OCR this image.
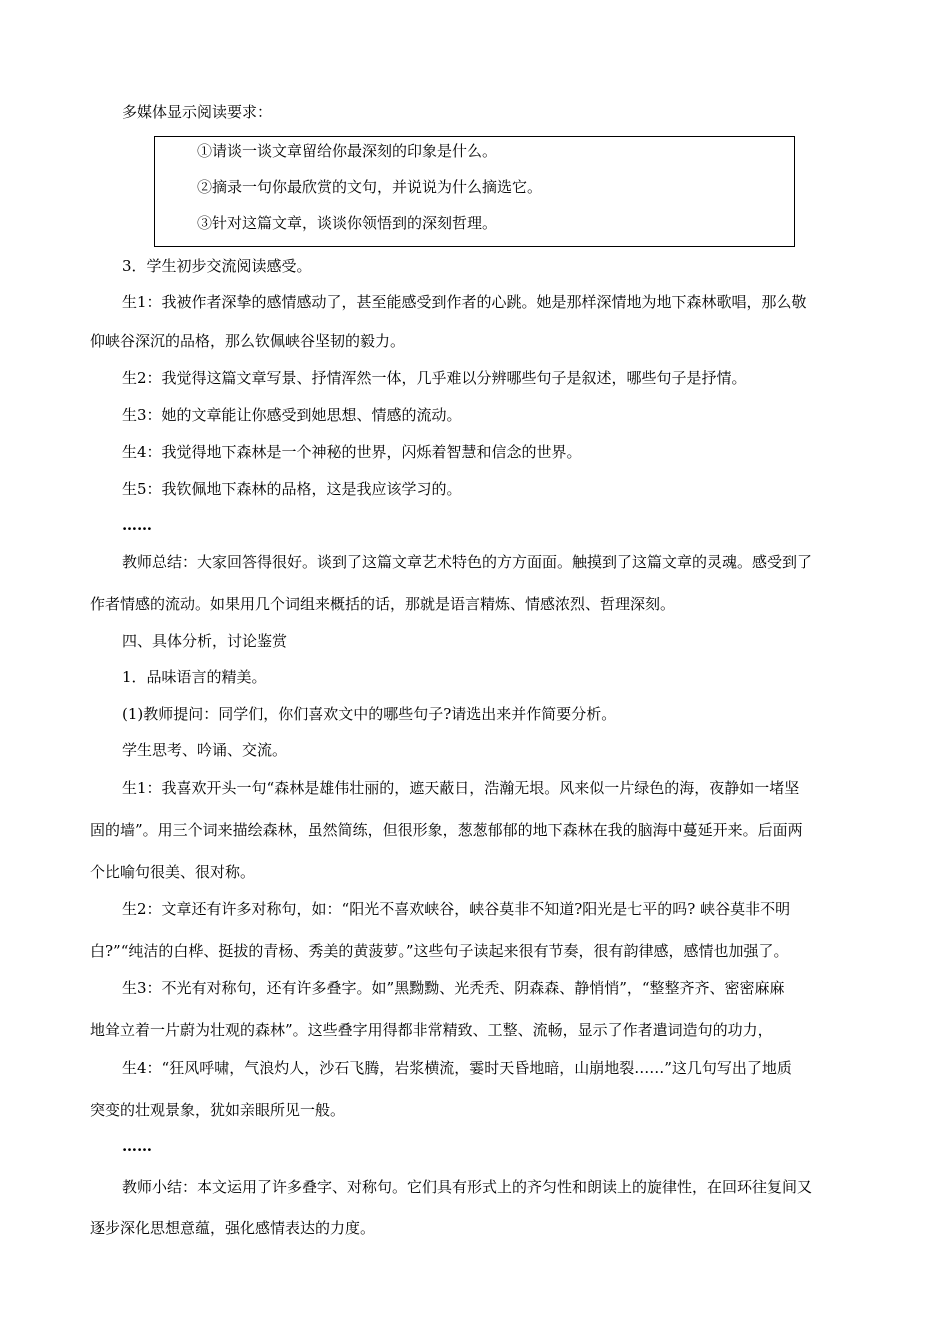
多媒体显示阅读要求：
①请谈一谈文章留给你最深刻的印象是什么。
②摘录一句你最欣赏的文句，并说说为什么摘选它。
③针对这篇文章，谈谈你领悟到的深刻哲理。
3．学生初步交流阅读感受。
生1：我被作者深挚的感情感动了，甚至能感受到作者的心跳。她是那样深情地为地下森林歌唱，那么敬
仰峡谷深沉的品格，那么钦佩峡谷坚韧的毅力。
生2：我觉得这篇文章写景、抒情浑然一体，几乎难以分辨哪些句子是叙述，哪些句子是抒情。
生3：她的文章能让你感受到她思想、情感的流动。
生4：我觉得地下森林是一个神秘的世界，闪烁着智慧和信念的世界。
生5：我钦佩地下森林的品格，这是我应该学习的。
……
教师总结：大家回答得很好。谈到了这篇文章艺术特色的方方面面。触摸到了这篇文章的灵魂。感受到了
作者情感的流动。如果用几个词组来概括的话，那就是语言精炼、情感浓烈、哲理深刻。
四、具体分析，讨论鉴赏
1．品味语言的精美。
(1)教师提问：同学们，你们喜欢文中的哪些句子?请选出来并作简要分析。
学生思考、吟诵、交流。
生1：我喜欢开头一句“森林是雄伟壮丽的，遮天蔽日，浩瀚无垠。风来似一片绿色的海，夜静如一堵坚
固的墙”。用三个词来描绘森林，虽然简练，但很形象，葱葱郁郁的地下森林在我的脑海中蔓延开来。后面两
个比喻句很美、很对称。
生2：文章还有许多对称句，如：“阳光不喜欢峡谷，峡谷莫非不知道?阳光是七平的吗? 峡谷莫非不明
白?”“纯洁的白桦、挺拔的青杨、秀美的黄菠萝。”这些句子读起来很有节奏，很有韵律感，感情也加强了。
生3：不光有对称句，还有许多叠字。如”黑黝黝、光秃秃、阴森森、静悄悄”，“整整齐齐、密密麻麻
地耸立着一片蔚为壮观的森林”。这些叠字用得都非常精致、工整、流畅，显示了作者遣词造句的功力，
生4：“狂风呼啸，气浪灼人，沙石飞腾，岩浆横流，霎时天昏地暗，山崩地裂……”这几句写出了地质
突变的壮观景象，犹如亲眼所见一般。
……
教师小结：本文运用了许多叠字、对称句。它们具有形式上的齐匀性和朗读上的旋律性，在回环往复间又
逐步深化思想意蕴，强化感情表达的力度。
